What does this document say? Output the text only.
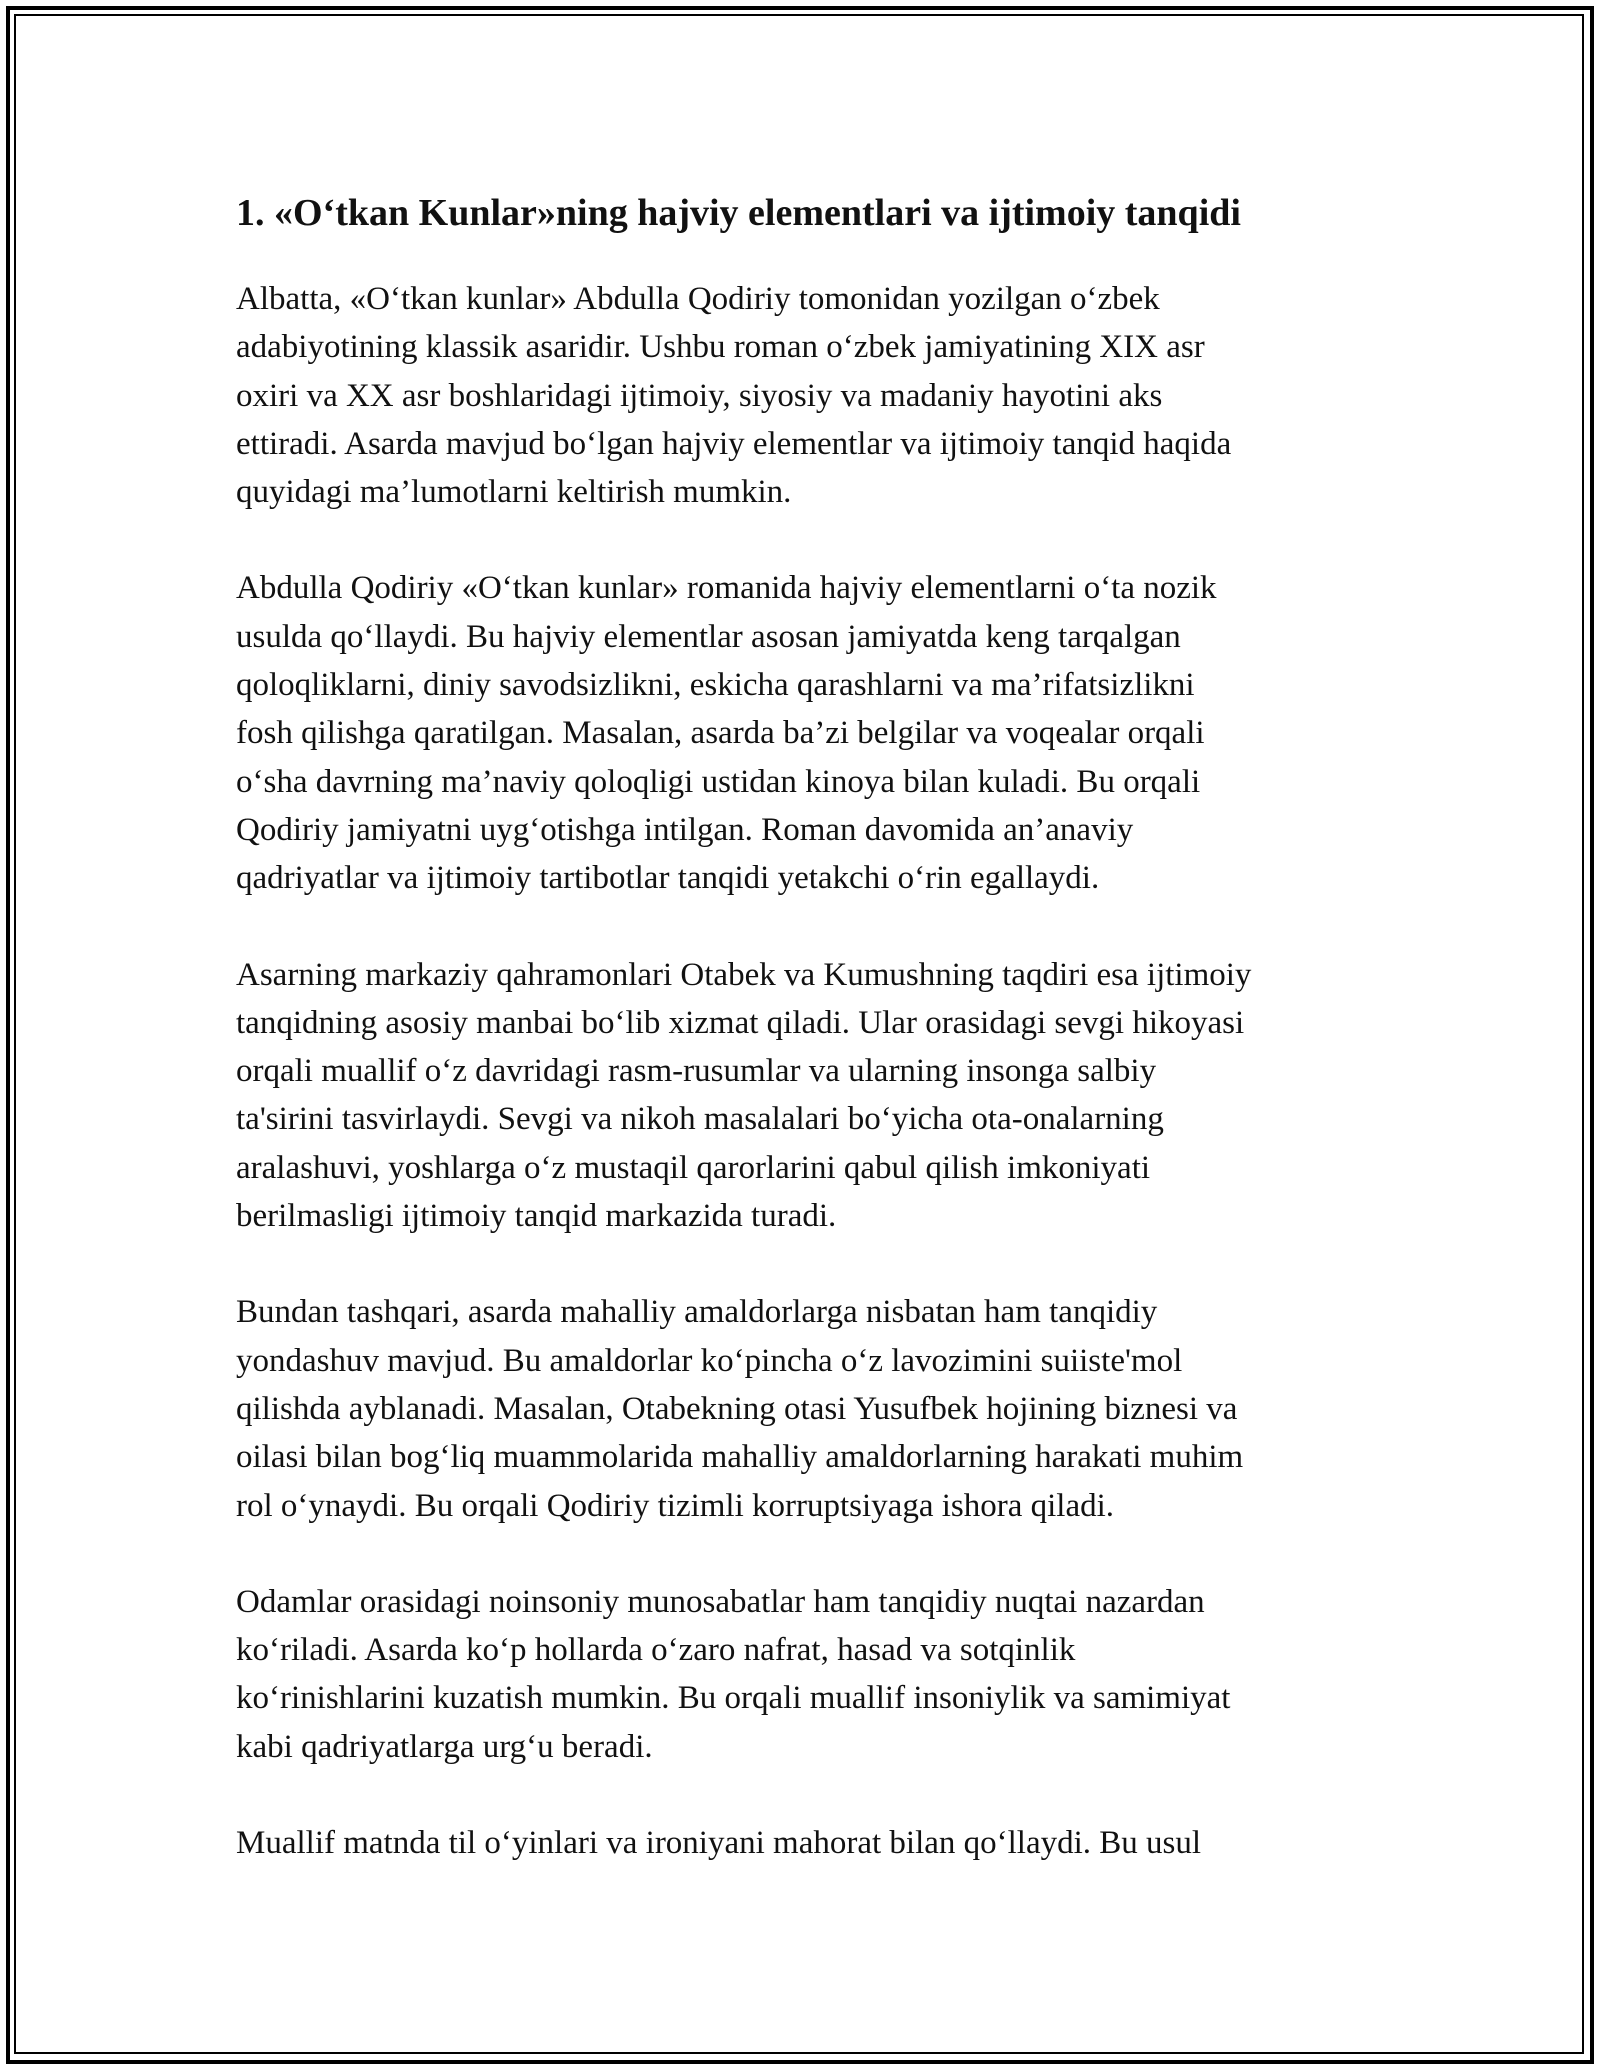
1. «O‘tkan Kunlar»ning hajviy elementlari va ijtimoiy tanqidi

Albatta, «O‘tkan kunlar» Abdulla Qodiriy tomonidan yozilgan o‘zbek
adabiyotining klassik asaridir. Ushbu roman o‘zbek jamiyatining XIX asr
oxiri va XX asr boshlaridagi ijtimoiy, siyosiy va madaniy hayotini aks
ettiradi. Asarda mavjud bo‘lgan hajviy elementlar va ijtimoiy tanqid haqida
quyidagi ma’lumotlarni keltirish mumkin.

Abdulla Qodiriy «O‘tkan kunlar» romanida hajviy elementlarni o‘ta nozik
usulda qo‘llaydi. Bu hajviy elementlar asosan jamiyatda keng tarqalgan
qoloqliklarni, diniy savodsizlikni, eskicha qarashlarni va ma’rifatsizlikni
fosh qilishga qaratilgan. Masalan, asarda ba’zi belgilar va voqealar orqali
o‘sha davrning ma’naviy qoloqligi ustidan kinoya bilan kuladi. Bu orqali
Qodiriy jamiyatni uyg‘otishga intilgan. Roman davomida an’anaviy
qadriyatlar va ijtimoiy tartibotlar tanqidi yetakchi o‘rin egallaydi.

Asarning markaziy qahramonlari Otabek va Kumushning taqdiri esa ijtimoiy
tanqidning asosiy manbai bo‘lib xizmat qiladi. Ular orasidagi sevgi hikoyasi
orqali muallif o‘z davridagi rasm-rusumlar va ularning insonga salbiy
ta'sirini tasvirlaydi. Sevgi va nikoh masalalari bo‘yicha ota-onalarning
aralashuvi, yoshlarga o‘z mustaqil qarorlarini qabul qilish imkoniyati
berilmasligi ijtimoiy tanqid markazida turadi.

Bundan tashqari, asarda mahalliy amaldorlarga nisbatan ham tanqidiy
yondashuv mavjud. Bu amaldorlar ko‘pincha o‘z lavozimini suiiste'mol
qilishda ayblanadi. Masalan, Otabekning otasi Yusufbek hojining biznesi va
oilasi bilan bog‘liq muammolarida mahalliy amaldorlarning harakati muhim
rol o‘ynaydi. Bu orqali Qodiriy tizimli korruptsiyaga ishora qiladi.

Odamlar orasidagi noinsoniy munosabatlar ham tanqidiy nuqtai nazardan
ko‘riladi. Asarda ko‘p hollarda o‘zaro nafrat, hasad va sotqinlik
ko‘rinishlarini kuzatish mumkin. Bu orqali muallif insoniylik va samimiyat
kabi qadriyatlarga urg‘u beradi.

Muallif matnda til o‘yinlari va ironiyani mahorat bilan qo‘llaydi. Bu usul
